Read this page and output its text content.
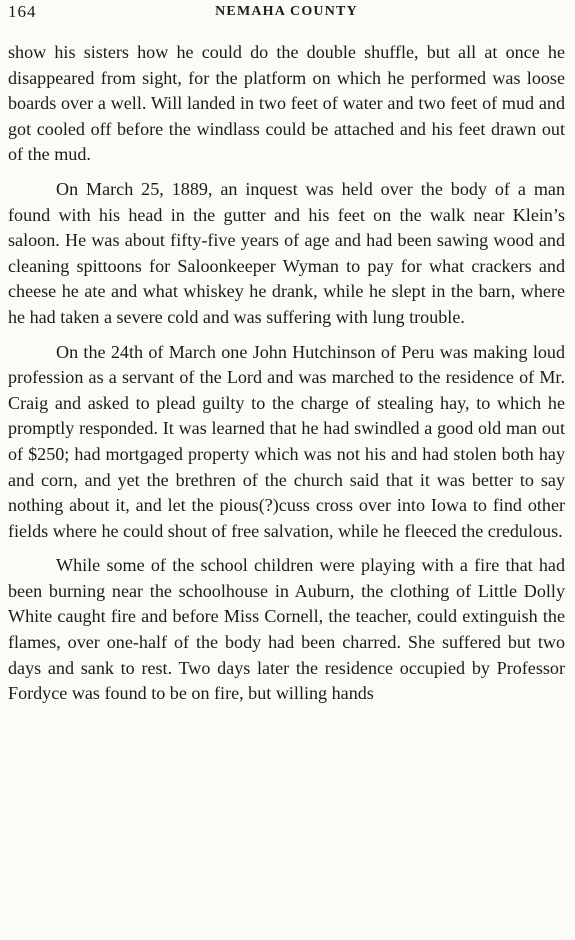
164	NEMAHA COUNTY

show his sisters how he could do the double shuffle, but all at once he disappeared from sight, for the platform on which he performed was loose boards over a well. Will landed in two feet of water and two feet of mud and got cooled off before the windlass could be attached and his feet drawn out of the mud.

On March 25, 1889, an inquest was held over the body of a man found with his head in the gutter and his feet on the walk near Klein’s saloon. He was about fifty-five years of age and had been sawing wood and cleaning spittoons for Saloonkeeper Wyman to pay for what crackers and cheese he ate and what whiskey he drank, while he slept in the barn, where he had taken a severe cold and was suffering with lung trouble.

On the 24th of March one John Hutchinson of Peru was making loud profession as a servant of the Lord and was marched to the residence of Mr. Craig and asked to plead guilty to the charge of stealing hay, to which he promptly responded. It was learned that he had swindled a good old man out of $250; had mortgaged property which was not his and had stolen both hay and corn, and yet the brethren of the church said that it was better to say nothing about it, and let the pious(?)cuss cross over into Iowa to find other fields where he could shout of free salvation, while he fleeced the credulous.

While some of the school children were playing with a fire that had been burning near the schoolhouse in Auburn, the clothing of Little Dolly White caught fire and before Miss Cornell, the teacher, could extinguish the flames, over one-half of the body had been charred. She suffered but two days and sank to rest. Two days later the residence occupied by Professor Fordyce was found to be on fire, but willing hands
